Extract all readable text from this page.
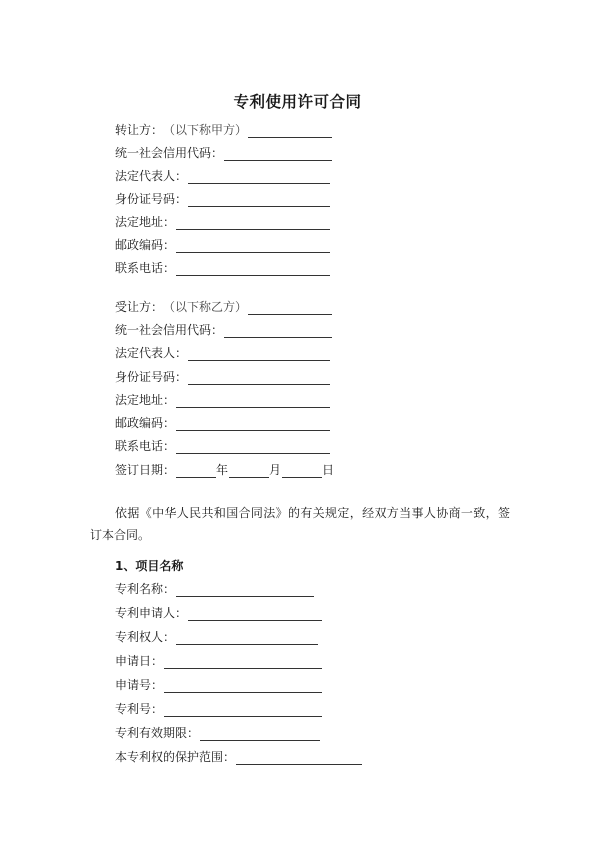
专利使用许可合同
转让方： （以下称甲方）
统一社会信用代码：
法定代表人：
身份证号码：
法定地址：
邮政编码：
联系电话：
受让方： （以下称乙方）
统一社会信用代码：
法定代表人：
身份证号码：
法定地址：
邮政编码：
联系电话：
签订日期：	年	月	日
依据《中华人民共和国合同法》的有关规定，经双方当事人协商一致，签订本合同。
1、项目名称
专利名称：
专利申请人：
专利权人：
申请日：
申请号：
专利号：
专利有效期限：
本专利权的保护范围：
